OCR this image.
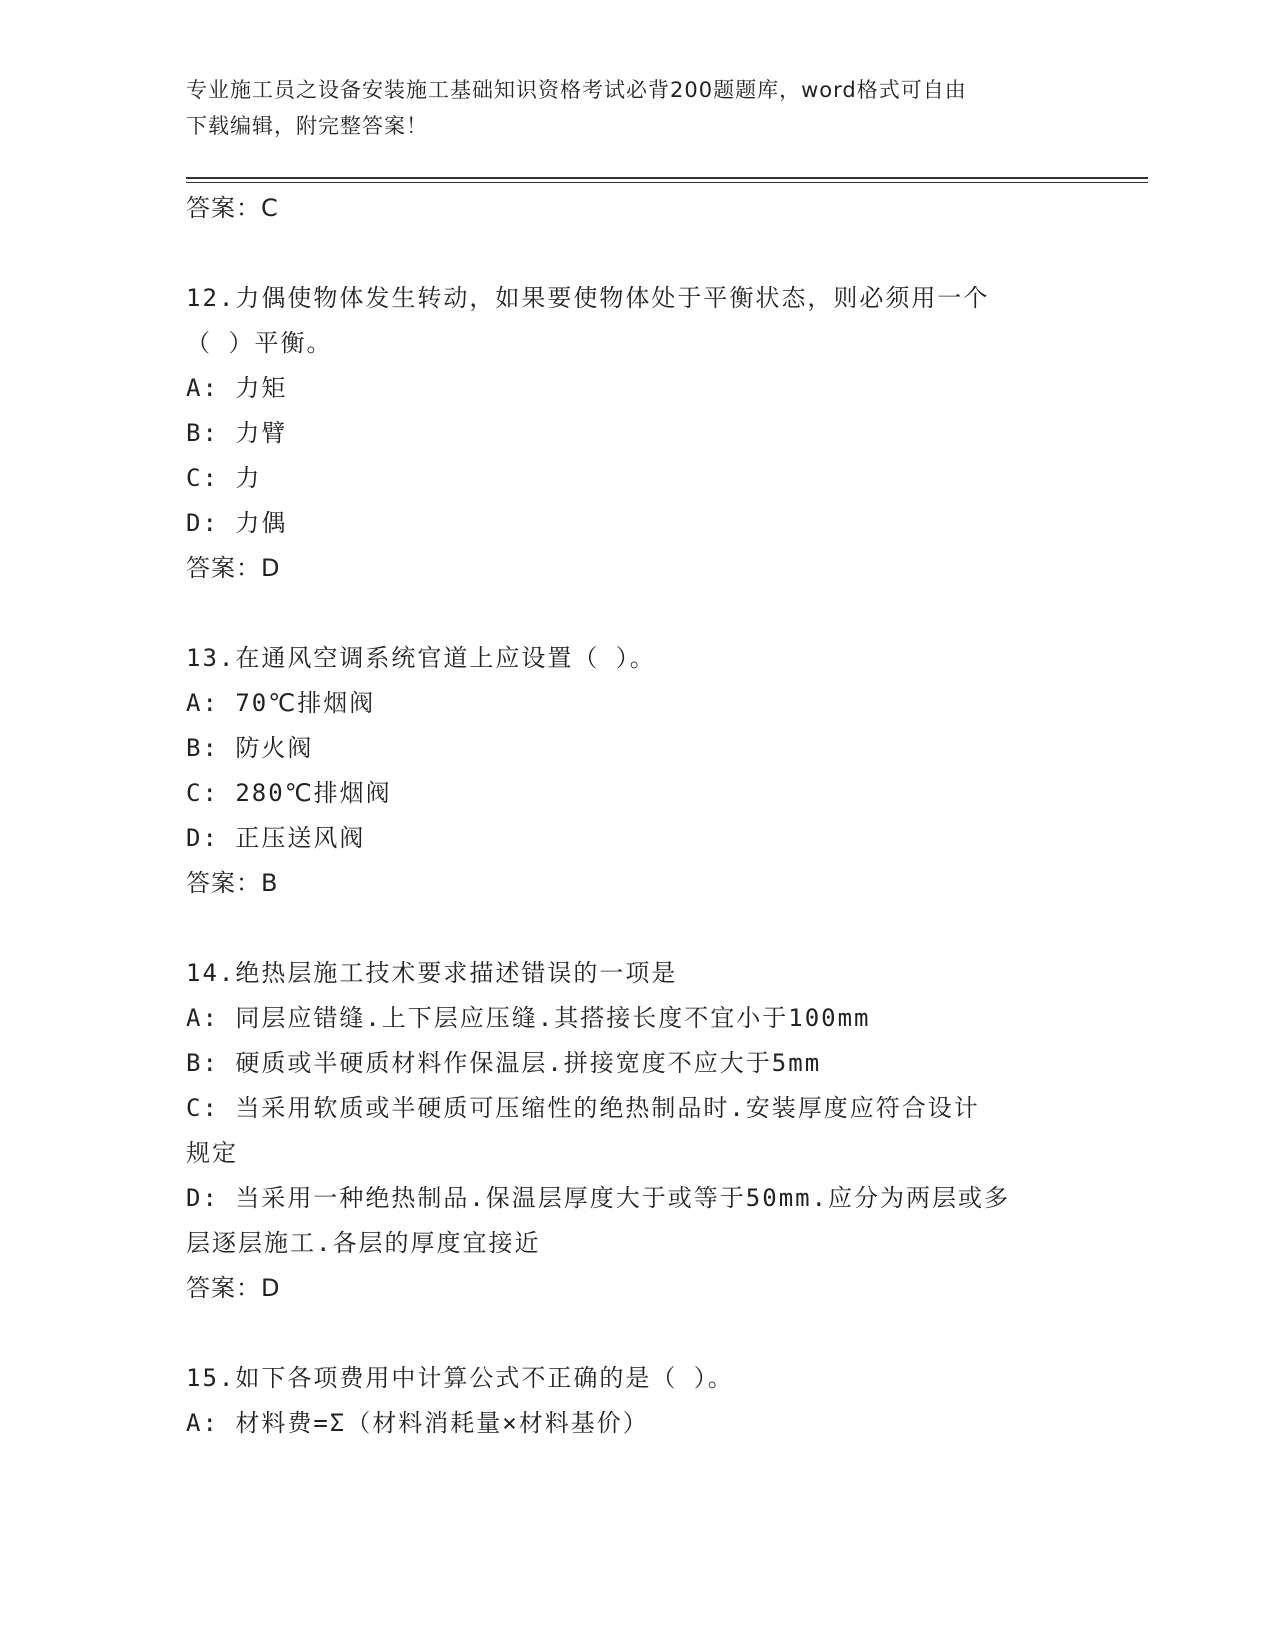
专业施工员之设备安装施工基础知识资格考试必背200题题库，word格式可自由
下载编辑，附完整答案！
答案：C
12.力偶使物体发生转动，如果要使物体处于平衡状态，则必须用一个
（ ）平衡。
A: 力矩
B: 力臂
C: 力
D: 力偶
答案：D
13.在通风空调系统官道上应设置（ ）。
A: 70℃排烟阀
B: 防火阀
C: 280℃排烟阀
D: 正压送风阀
答案：B
14.绝热层施工技术要求描述错误的一项是
A: 同层应错缝.上下层应压缝.其搭接长度不宜小于100mm
B: 硬质或半硬质材料作保温层.拼接宽度不应大于5mm
C: 当采用软质或半硬质可压缩性的绝热制品时.安装厚度应符合设计
规定
D: 当采用一种绝热制品.保温层厚度大于或等于50mm.应分为两层或多
层逐层施工.各层的厚度宜接近
答案：D
15.如下各项费用中计算公式不正确的是（ ）。
A: 材料费=Σ（材料消耗量×材料基价）
